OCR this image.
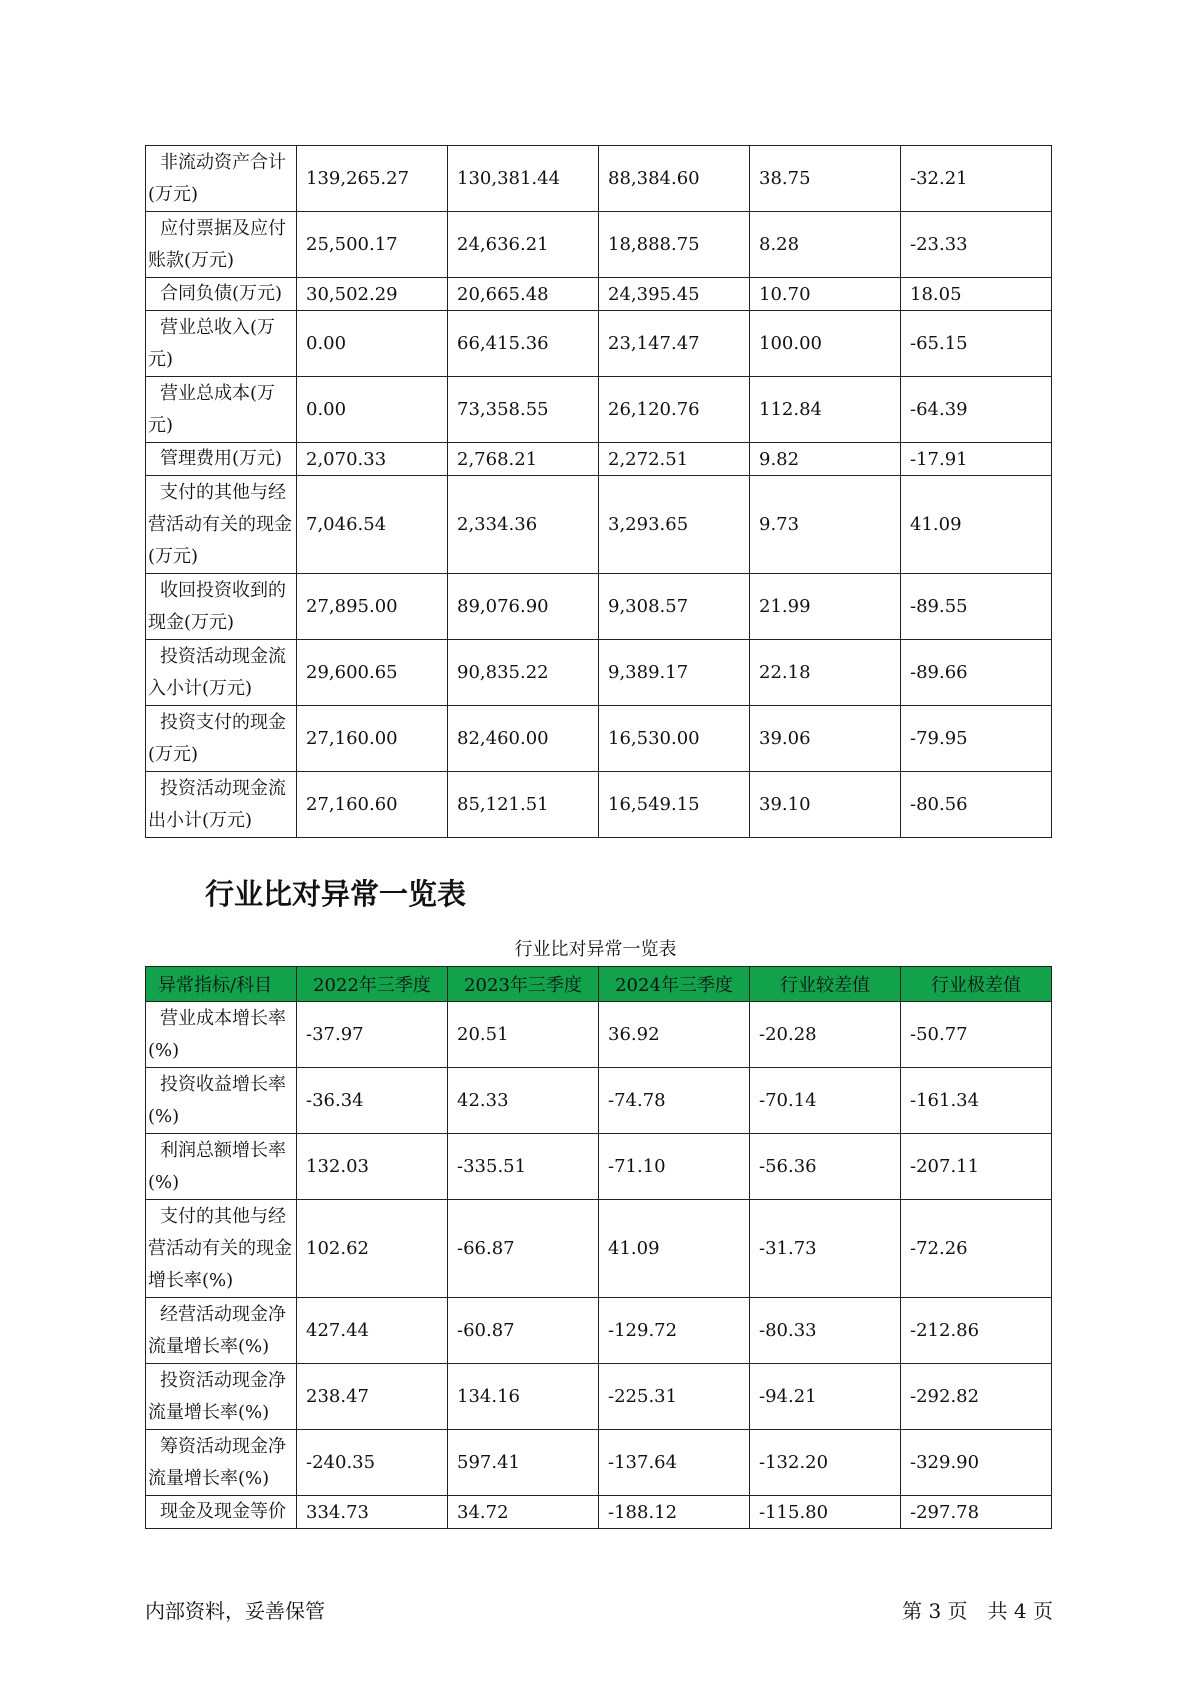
非流动资产合计(万元)	139,265.27	130,381.44	88,384.60	38.75	-32.21
应付票据及应付账款(万元)	25,500.17	24,636.21	18,888.75	8.28	-23.33
合同负债(万元)	30,502.29	20,665.48	24,395.45	10.70	18.05
营业总收入(万元)	0.00	66,415.36	23,147.47	100.00	-65.15
营业总成本(万元)	0.00	73,358.55	26,120.76	112.84	-64.39
管理费用(万元)	2,070.33	2,768.21	2,272.51	9.82	-17.91
支付的其他与经营活动有关的现金(万元)	7,046.54	2,334.36	3,293.65	9.73	41.09
收回投资收到的现金(万元)	27,895.00	89,076.90	9,308.57	21.99	-89.55
投资活动现金流入小计(万元)	29,600.65	90,835.22	9,389.17	22.18	-89.66
投资支付的现金(万元)	27,160.00	82,460.00	16,530.00	39.06	-79.95
投资活动现金流出小计(万元)	27,160.60	85,121.51	16,549.15	39.10	-80.56
行业比对异常一览表
行业比对异常一览表
异常指标/科目	2022年三季度	2023年三季度	2024年三季度	行业较差值	行业极差值
营业成本增长率(%)	-37.97	20.51	36.92	-20.28	-50.77
投资收益增长率(%)	-36.34	42.33	-74.78	-70.14	-161.34
利润总额增长率(%)	132.03	-335.51	-71.10	-56.36	-207.11
支付的其他与经营活动有关的现金增长率(%)	102.62	-66.87	41.09	-31.73	-72.26
经营活动现金净流量增长率(%)	427.44	-60.87	-129.72	-80.33	-212.86
投资活动现金净流量增长率(%)	238.47	134.16	-225.31	-94.21	-292.82
筹资活动现金净流量增长率(%)	-240.35	597.41	-137.64	-132.20	-329.90
现金及现金等价	334.73	34.72	-188.12	-115.80	-297.78
内部资料，妥善保管	第 3 页　共 4 页
